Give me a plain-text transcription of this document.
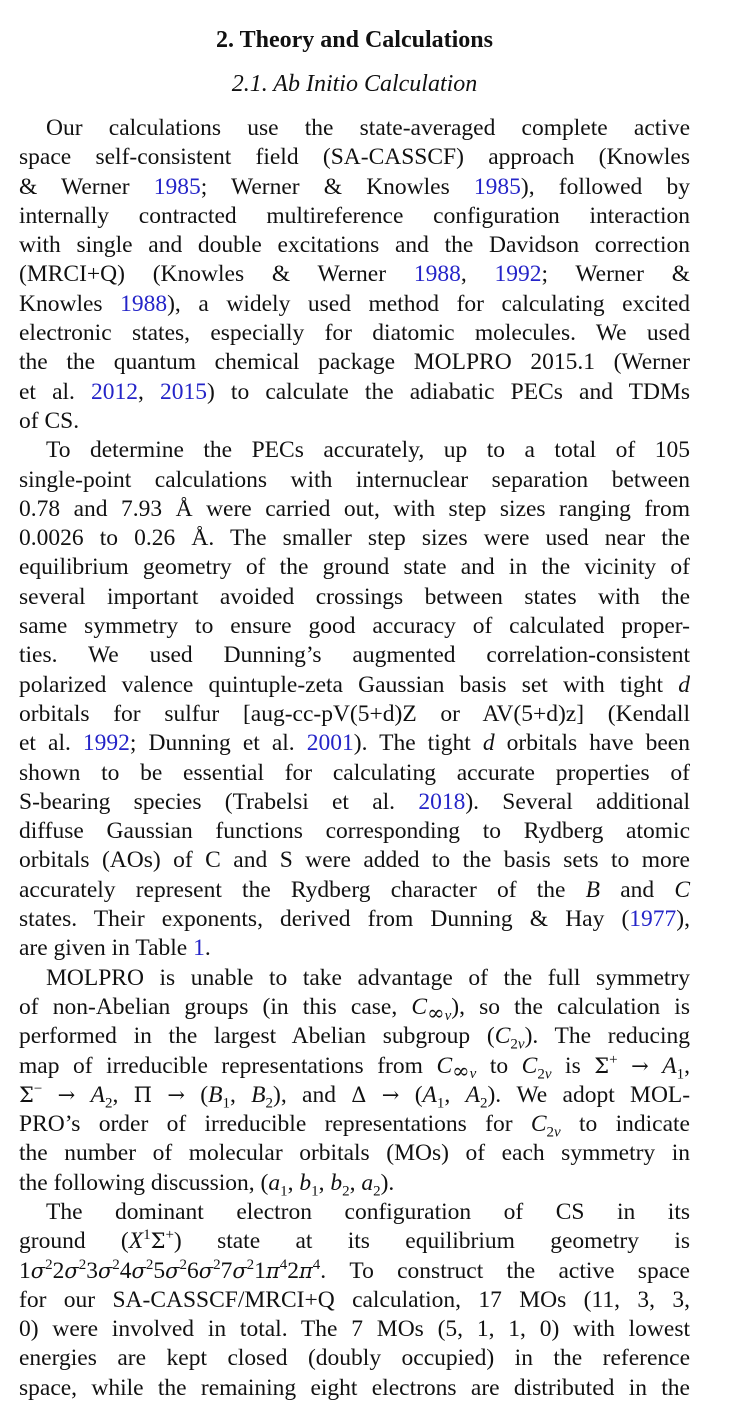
2. Theory and Calculations
2.1. Ab Initio Calculation
Our calculations use the state-averaged complete active
space self-consistent field (SA-CASSCF) approach (Knowles
& Werner 1985; Werner & Knowles 1985), followed by
internally contracted multireference configuration interaction
with single and double excitations and the Davidson correction
(MRCI+Q) (Knowles & Werner 1988, 1992; Werner &
Knowles 1988), a widely used method for calculating excited
electronic states, especially for diatomic molecules. We used
the the quantum chemical package MOLPRO 2015.1 (Werner
et al. 2012, 2015) to calculate the adiabatic PECs and TDMs
of CS.
To determine the PECs accurately, up to a total of 105
single-point calculations with internuclear separation between
0.78 and 7.93 Å were carried out, with step sizes ranging from
0.0026 to 0.26 Å. The smaller step sizes were used near the
equilibrium geometry of the ground state and in the vicinity of
several important avoided crossings between states with the
same symmetry to ensure good accuracy of calculated proper-
ties. We used Dunning’s augmented correlation-consistent
polarized valence quintuple-zeta Gaussian basis set with tight d
orbitals for sulfur [aug-cc-pV(5+d)Z or AV(5+d)z] (Kendall
et al. 1992; Dunning et al. 2001). The tight d orbitals have been
shown to be essential for calculating accurate properties of
S-bearing species (Trabelsi et al. 2018). Several additional
diffuse Gaussian functions corresponding to Rydberg atomic
orbitals (AOs) of C and S were added to the basis sets to more
accurately represent the Rydberg character of the B and C
states. Their exponents, derived from Dunning & Hay (1977),
are given in Table 1.
MOLPRO is unable to take advantage of the full symmetry
of non-Abelian groups (in this case, $C_{\infty v}$), so the calculation is
performed in the largest Abelian subgroup $(C_{2v})$. The reducing
map of irreducible representations from $C_{\infty v}$ to $C_{2v}$ is $\Sigma^+ \to A_1$,
$\Sigma^- \to A_2$, $\Pi \to (B_1$, $B_2$), and $\Delta \to (A_1$, $A_2$). We adopt MOL-
PRO’s order of irreducible representations for $C_{2v}$ to indicate
the number of molecular orbitals (MOs) of each symmetry in
the following discussion, ($a_1$, $b_1$, $b_2$, $a_2$).
The dominant electron configuration of CS in its
ground $(X^1\Sigma^+)$ state at its equilibrium geometry is
$1\sigma^22\sigma^23\sigma^24\sigma^25\sigma^26\sigma^27\sigma^21\pi^42\pi^4$. To construct the active space
for our SA-CASSCF/MRCI+Q calculation, 17 MOs (11, 3, 3,
0) were involved in total. The 7 MOs (5, 1, 1, 0) with lowest
energies are kept closed (doubly occupied) in the reference
space, while the remaining eight electrons are distributed in the
